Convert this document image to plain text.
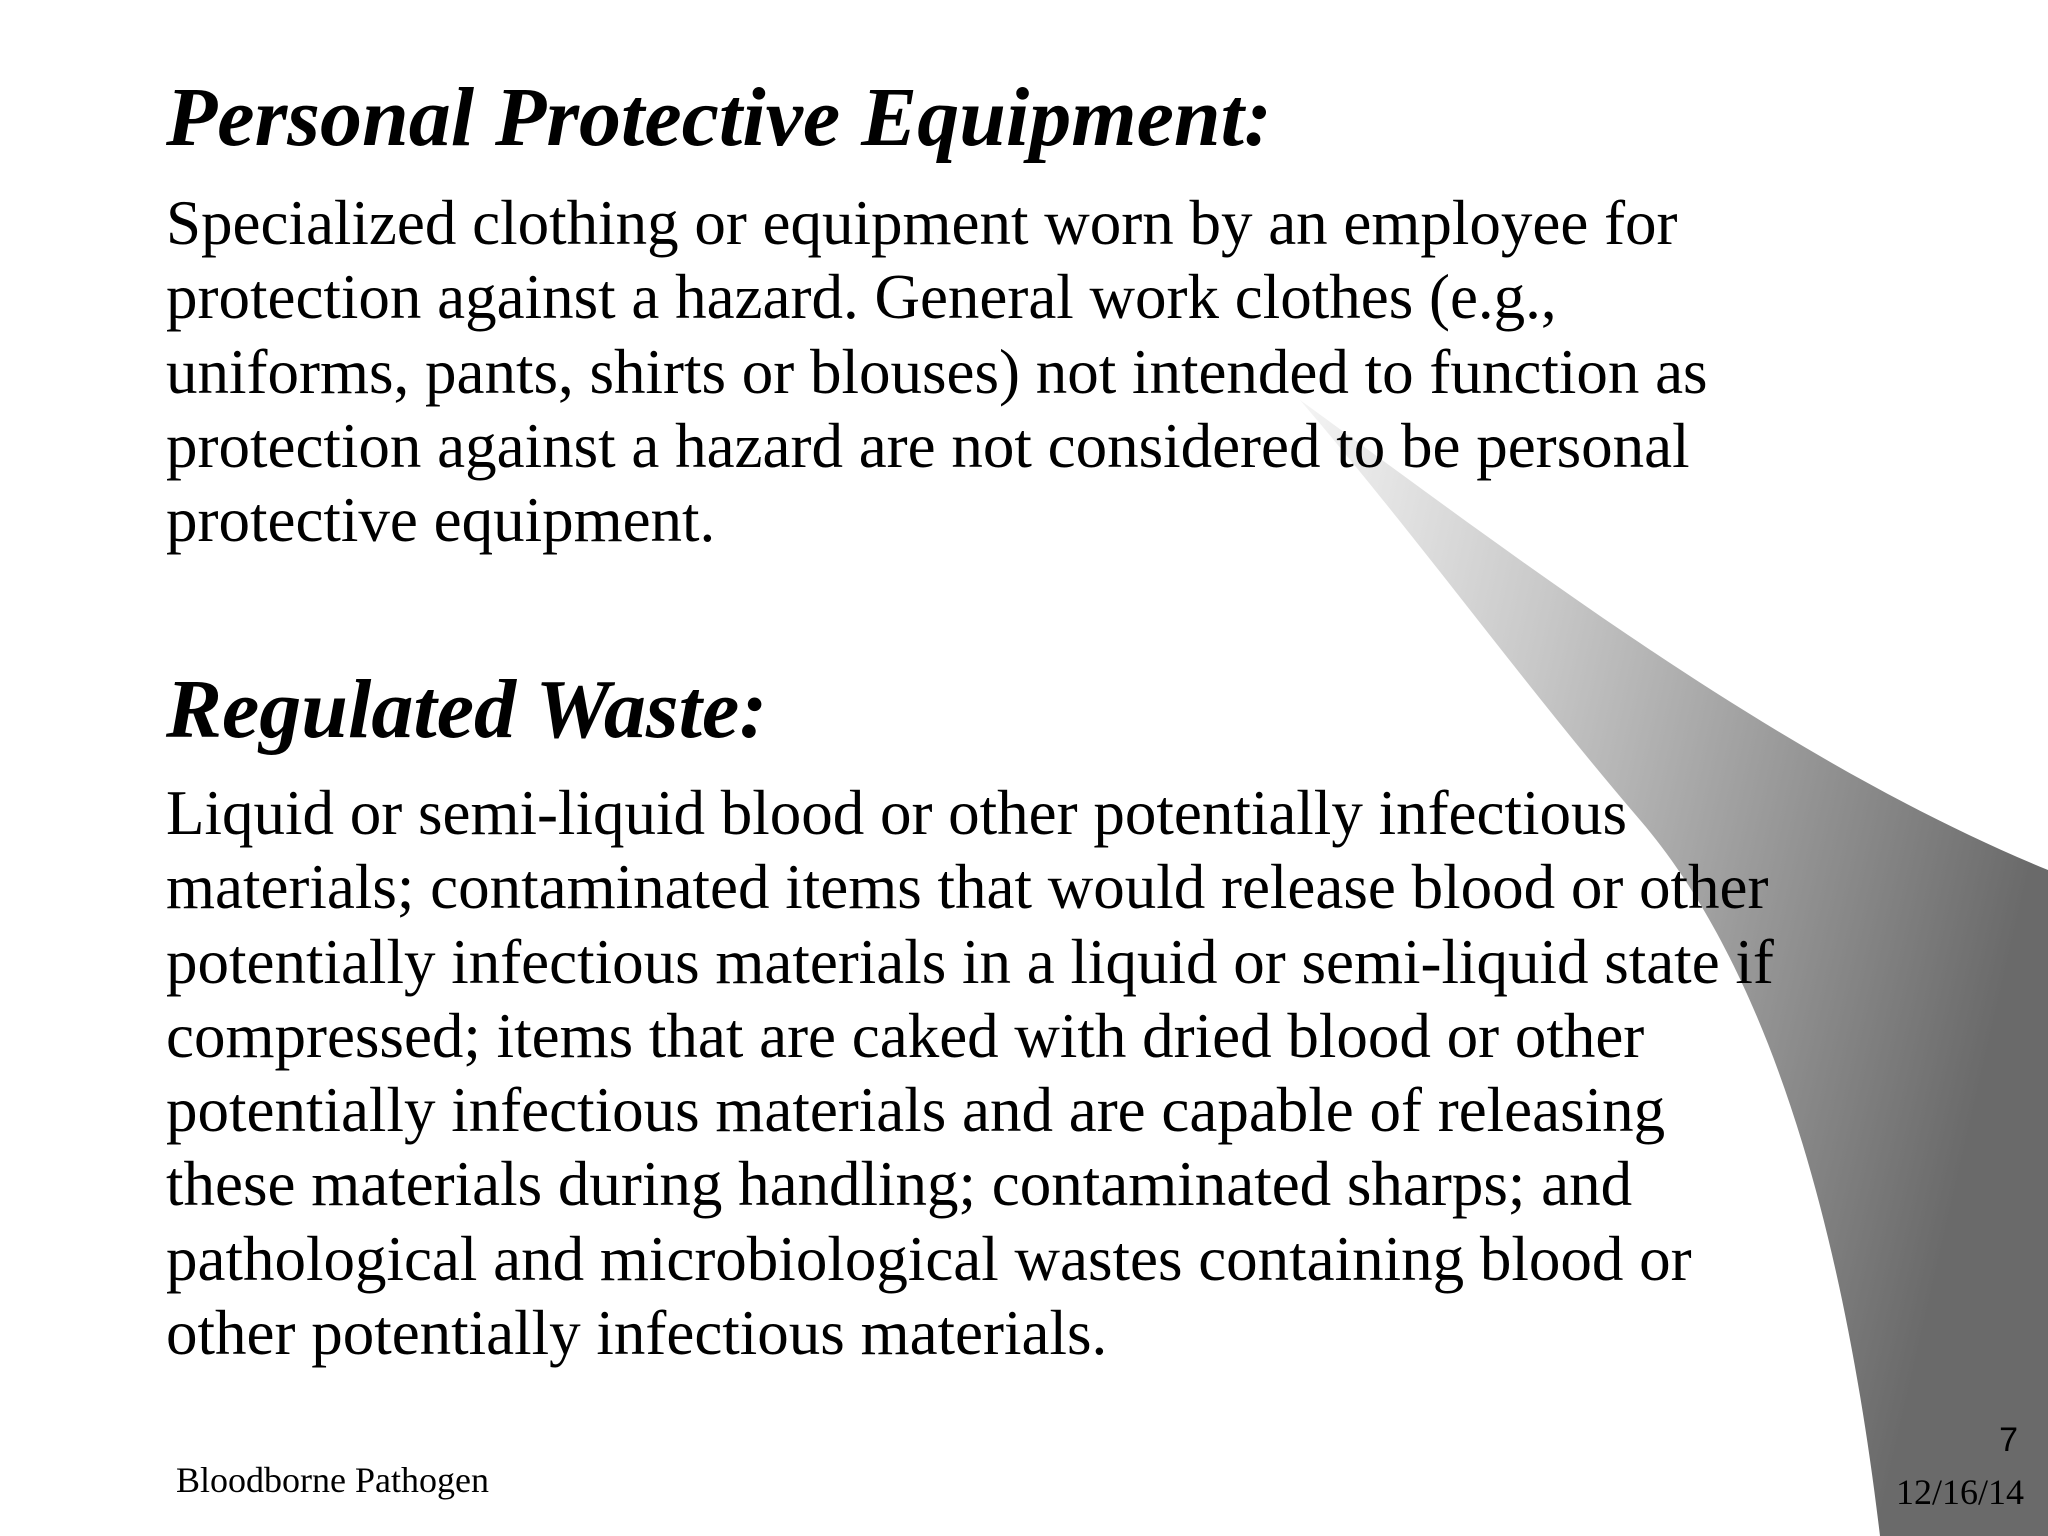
Personal Protective Equipment:

Specialized clothing or equipment worn by an employee for
protection against a hazard. General work clothes (e.g.,
uniforms, pants, shirts or blouses) not intended to function as
protection against a hazard are not considered to be personal
protective equipment.

Regulated Waste:

Liquid or semi-liquid blood or other potentially infectious
materials; contaminated items that would release blood or other
potentially infectious materials in a liquid or semi-liquid state if
compressed; items that are caked with dried blood or other
potentially infectious materials and are capable of releasing
these materials during handling; contaminated sharps; and
pathological and microbiological wastes containing blood or
other potentially infectious materials.

Bloodborne Pathogen
7
12/16/14
